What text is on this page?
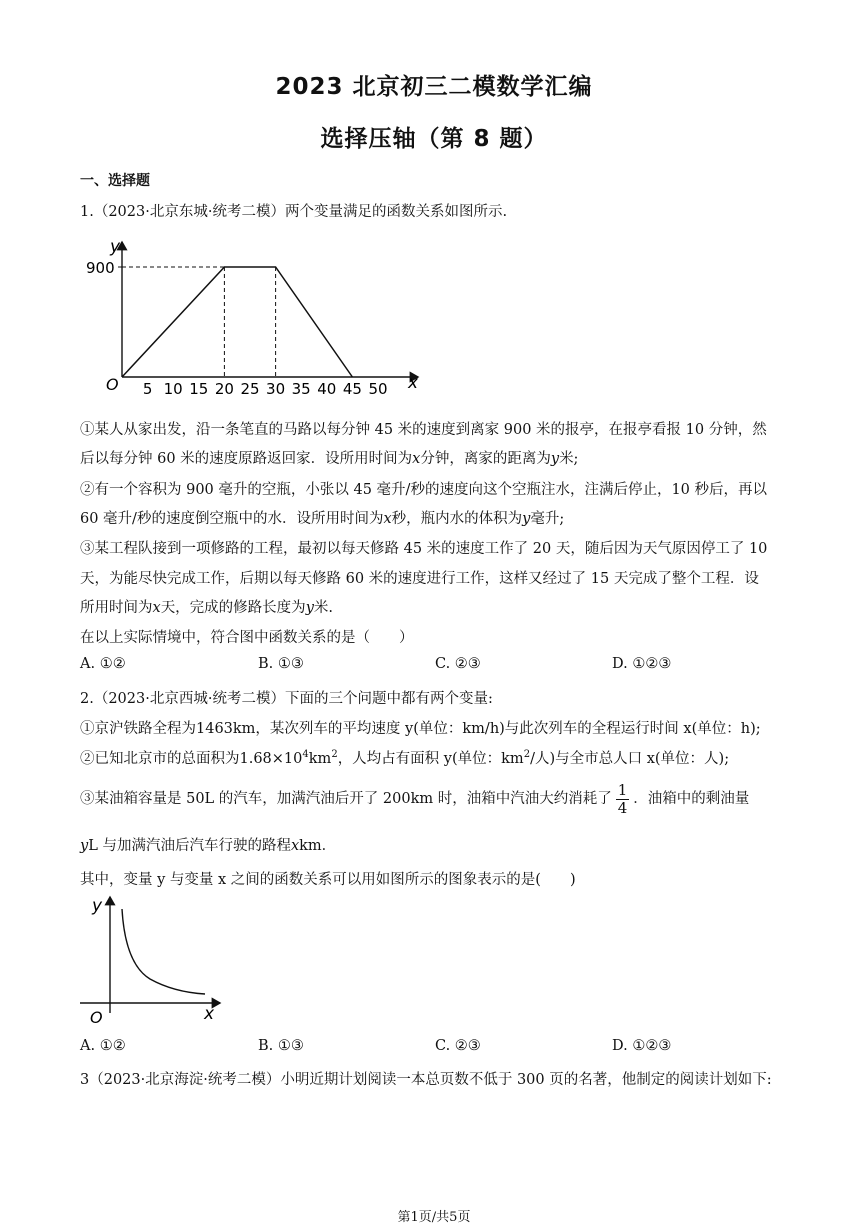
2023 北京初三二模数学汇编
选择压轴（第 8 题）
一、选择题
1.（2023·北京东城·统考二模）两个变量满足的函数关系如图所示.
y
x
O
900
5 10 15 20 25 30 35 40 45 50
①某人从家出发，沿一条笔直的马路以每分钟 45 米的速度到离家 900 米的报亭，在报亭看报 10 分钟，然
后以每分钟 60 米的速度原路返回家．设所用时间为x分钟，离家的距离为y米;
②有一个容积为 900 毫升的空瓶，小张以 45 毫升/秒的速度向这个空瓶注水，注满后停止，10 秒后，再以
60 毫升/秒的速度倒空瓶中的水．设所用时间为x秒，瓶内水的体积为y毫升;
③某工程队接到一项修路的工程，最初以每天修路 45 米的速度工作了 20 天，随后因为天气原因停工了 10
天，为能尽快完成工作，后期以每天修路 60 米的速度进行工作，这样又经过了 15 天完成了整个工程．设
所用时间为x天，完成的修路长度为y米.
在以上实际情境中，符合图中函数关系的是（　　）
A. ①②	B. ①③	C. ②③	D. ①②③
2.（2023·北京西城·统考二模）下面的三个问题中都有两个变量:
①京沪铁路全程为1463km，某次列车的平均速度 y(单位：km/h)与此次列车的全程运行时间 x(单位：h);
②已知北京市的总面积为$1.68\times 10^4km^2$，人均占有面积 y(单位：$km^2/$人)与全市总人口 x(单位：人);
③某油箱容量是 50L 的汽车，加满汽油后开了 200km 时，油箱中汽油大约消耗了 $\frac{1}{4}$ ．油箱中的剩油量
yL 与加满汽油后汽车行驶的路程xkm．
其中，变量 y 与变量 x 之间的函数关系可以用如图所示的图象表示的是(　　)
y
x
O
A. ①②	B. ①③	C. ②③	D. ①②③
3（2023·北京海淀·统考二模）小明近期计划阅读一本总页数不低于 300 页的名著，他制定的阅读计划如下:
第1页/共5页
